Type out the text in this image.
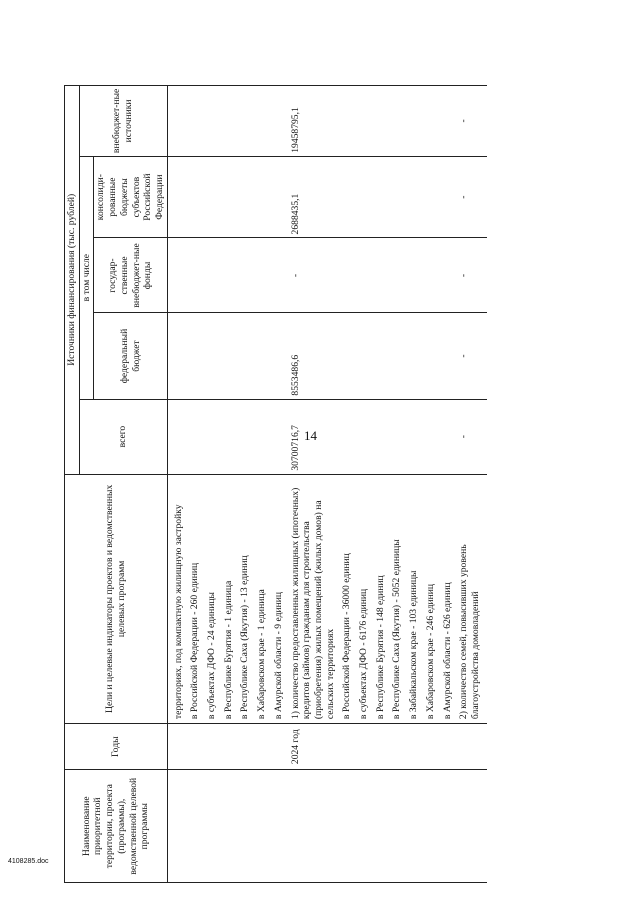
14
4108285.doc
Наименование приоритетной территории, проекта (программы), ведомственной целевой программы	Годы	Цели и целевые индикаторы проектов и ведомственных целевых программ	Источники финансирования (тыс. рублей)				
			всего	в том числе			внебюджет-ные источники
				федеральный бюджет	государ-ственные внебюджет-ные фонды	консолиди-рованные бюджеты субъектов Российской Федерации	

		территориях, под компактную жилищную застройку					
		в Российской Федерации - 260 единиц					
		в субъектах ДФО - 24 единицы					
		в Республике Бурятия - 1 единица					
		в Республике Саха (Якутия) - 13 единиц					
		в Хабаровском крае - 1 единица					
		в Амурской области - 9 единиц					
	2024 год	1) количество предоставленных жилищных (ипотечных) кредитов (займов) гражданам для строительства (приобретения) жилых помещений (жилых домов) на сельских территориях	30700716,7	8553486,6	-	2688435,1	19458795,1
		в Российской Федерации - 36000 единиц					
		в субъектах ДФО - 6176 единиц					
		в Республике Бурятия - 148 единиц					
		в Республике Саха (Якутия) - 5052 единицы					
		в Забайкальском крае - 103 единицы					
		в Хабаровском крае - 246 единиц					
		в Амурской области - 626 единиц					
		2) количество семей, повысивших уровень благоустройства домовладений	-	-	-	-	-
